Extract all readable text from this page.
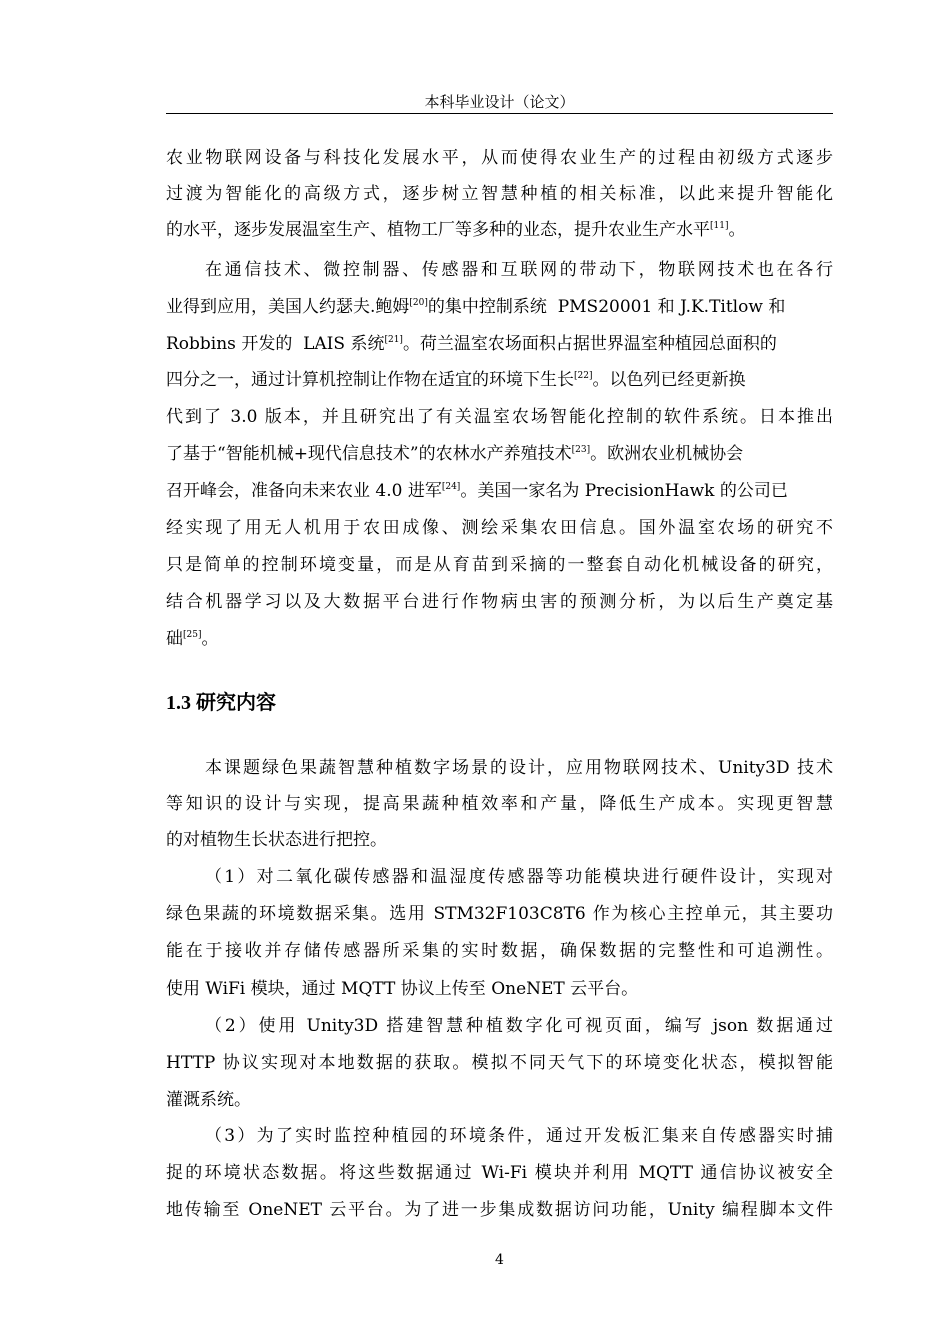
本科毕业设计（论文）
农业物联网设备与科技化发展水平，从而使得农业生产的过程由初级方式逐步
过渡为智能化的高级方式，逐步树立智慧种植的相关标准，以此来提升智能化
的水平，逐步发展温室生产、植物工厂等多种的业态，提升农业生产水平[11]。
在通信技术、微控制器、传感器和互联网的带动下，物联网技术也在各行
业得到应用，美国人约瑟夫.鲍姆[20]的集中控制系统  PMS20001 和 J.K.Titlow 和
Robbins 开发的  LAIS 系统[21]。荷兰温室农场面积占据世界温室种植园总面积的
四分之一，通过计算机控制让作物在适宜的环境下生长[22]。以色列已经更新换
代到了 3.0 版本，并且研究出了有关温室农场智能化控制的软件系统。日本推出
了基于“智能机械+现代信息技术”的农林水产养殖技术[23]。欧洲农业机械协会
召开峰会，准备向未来农业 4.0 进军[24]。美国一家名为 PrecisionHawk 的公司已
经实现了用无人机用于农田成像、测绘采集农田信息。国外温室农场的研究不
只是简单的控制环境变量，而是从育苗到采摘的一整套自动化机械设备的研究，
结合机器学习以及大数据平台进行作物病虫害的预测分析，为以后生产奠定基
础[25]。
1.3 研究内容
本课题绿色果蔬智慧种植数字场景的设计，应用物联网技术、Unity3D 技术
等知识的设计与实现，提高果蔬种植效率和产量，降低生产成本。实现更智慧
的对植物生长状态进行把控。
（1）对二氧化碳传感器和温湿度传感器等功能模块进行硬件设计，实现对
绿色果蔬的环境数据采集。选用 STM32F103C8T6 作为核心主控单元，其主要功
能在于接收并存储传感器所采集的实时数据，确保数据的完整性和可追溯性。
使用 WiFi 模块，通过 MQTT 协议上传至 OneNET 云平台。
（2）使用 Unity3D 搭建智慧种植数字化可视页面，编写 json 数据通过
HTTP 协议实现对本地数据的获取。模拟不同天气下的环境变化状态，模拟智能
灌溉系统。
（3）为了实时监控种植园的环境条件，通过开发板汇集来自传感器实时捕
捉的环境状态数据。将这些数据通过 Wi-Fi 模块并利用 MQTT 通信协议被安全
地传输至 OneNET 云平台。为了进一步集成数据访问功能，Unity 编程脚本文件
4
